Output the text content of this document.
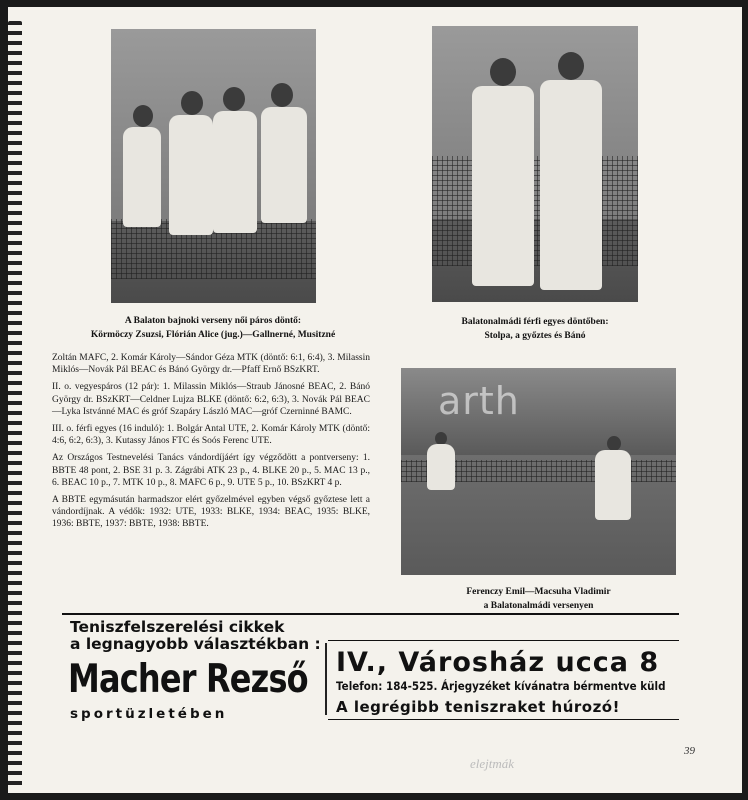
A Balaton bajnoki verseny női páros döntő:
Körmöczy Zsuzsi, Flórián Alice (jug.)—Gallnerné, Musitzné
Balatonalmádi férfi egyes döntőben:
Stolpa, a győztes és Bánó
arth
Ferenczy Emil—Macsuha Vladimir
a Balatonalmádi versenyen

Zoltán MAFC, 2. Komár Károly—Sándor Géza MTK (döntő: 6:1, 6:4), 3. Milassin Miklós—Novák Pál BEAC és Bánó György dr.—Pfaff Ernő BSzKRT.

II. o. vegyespáros (12 pár): 1. Milassin Miklós—Straub Jánosné BEAC, 2. Bánó György dr. BSzKRT—Celdner Lujza BLKE (döntő: 6:2, 6:3), 3. Novák Pál BEAC—Lyka Istvánné MAC és gróf Szapáry László MAC—gróf Czerninné BAMC.

III. o. férfi egyes (16 induló): 1. Bolgár Antal UTE, 2. Komár Károly MTK (döntő: 4:6, 6:2, 6:3), 3. Kutassy János FTC és Soós Ferenc UTE.

Az Országos Testnevelési Tanács vándordíjáért így végződött a pontverseny: 1. BBTE 48 pont, 2. BSE 31 p. 3. Zágrábi ATK 23 p., 4. BLKE 20 p., 5. MAC 13 p., 6. BEAC 10 p., 7. MTK 10 p., 8. MAFC 6 p., 9. UTE 5 p., 10. BSzKRT 4 p.

A BBTE egymásután harmadszor elért győzelmével egyben végső győztese lett a vándordíjnak. A védők: 1932: UTE, 1933: BLKE, 1934: BEAC, 1935: BLKE, 1936: BBTE, 1937: BBTE, 1938: BBTE.

Teniszfelszerelési cikkek
a legnagyobb választékban :
Macher Rezső
sportüzletében
IV., Városház ucca 8
Telefon: 184-525. Árjegyzéket kívánatra bérmentve küld
A legrégibb teniszraket húrozó!
39
elejtmák
